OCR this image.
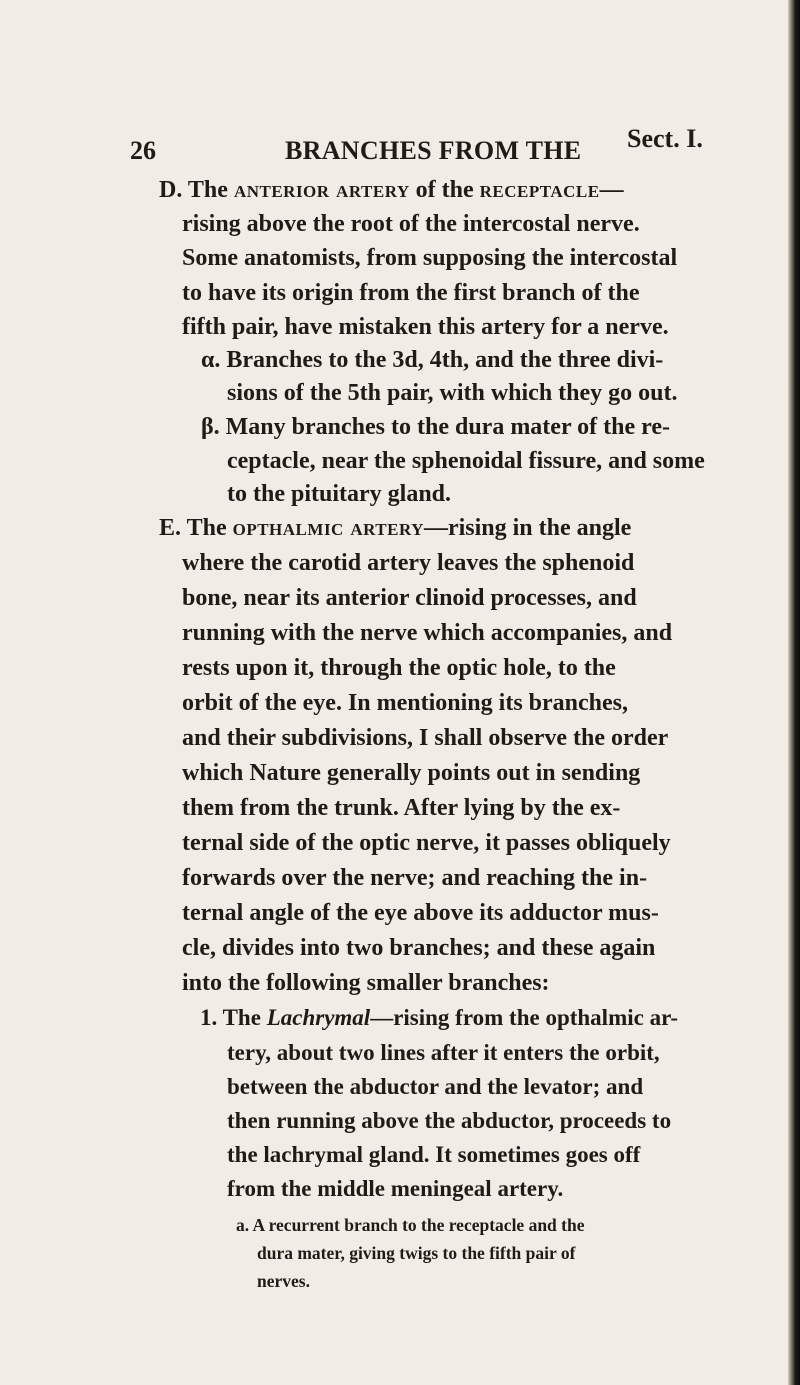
26	BRANCHES FROM THE Sect. I.
D. The anterior artery of the receptacle—
rising above the root of the intercostal nerve.
Some anatomists, from supposing the intercostal
to have its origin from the first branch of the
fifth pair, have mistaken this artery for a nerve.
α. Branches to the 3d, 4th, and the three divi-
sions of the 5th pair, with which they go out.
β. Many branches to the dura mater of the re-
ceptacle, near the sphenoidal fissure, and some
to the pituitary gland.
E. The opthalmic artery—rising in the angle
where the carotid artery leaves the sphenoid
bone, near its anterior clinoid processes, and
running with the nerve which accompanies, and
rests upon it, through the optic hole, to the
orbit of the eye. In mentioning its branches,
and their subdivisions, I shall observe the order
which Nature generally points out in sending
them from the trunk. After lying by the ex-
ternal side of the optic nerve, it passes obliquely
forwards over the nerve; and reaching the in-
ternal angle of the eye above its adductor mus-
cle, divides into two branches; and these again
into the following smaller branches:
1. The Lachrymal—rising from the opthalmic ar-
tery, about two lines after it enters the orbit,
between the abductor and the levator; and
then running above the abductor, proceeds to
the lachrymal gland. It sometimes goes off
from the middle meningeal artery.
a. A recurrent branch to the receptacle and the
dura mater, giving twigs to the fifth pair of
nerves.
